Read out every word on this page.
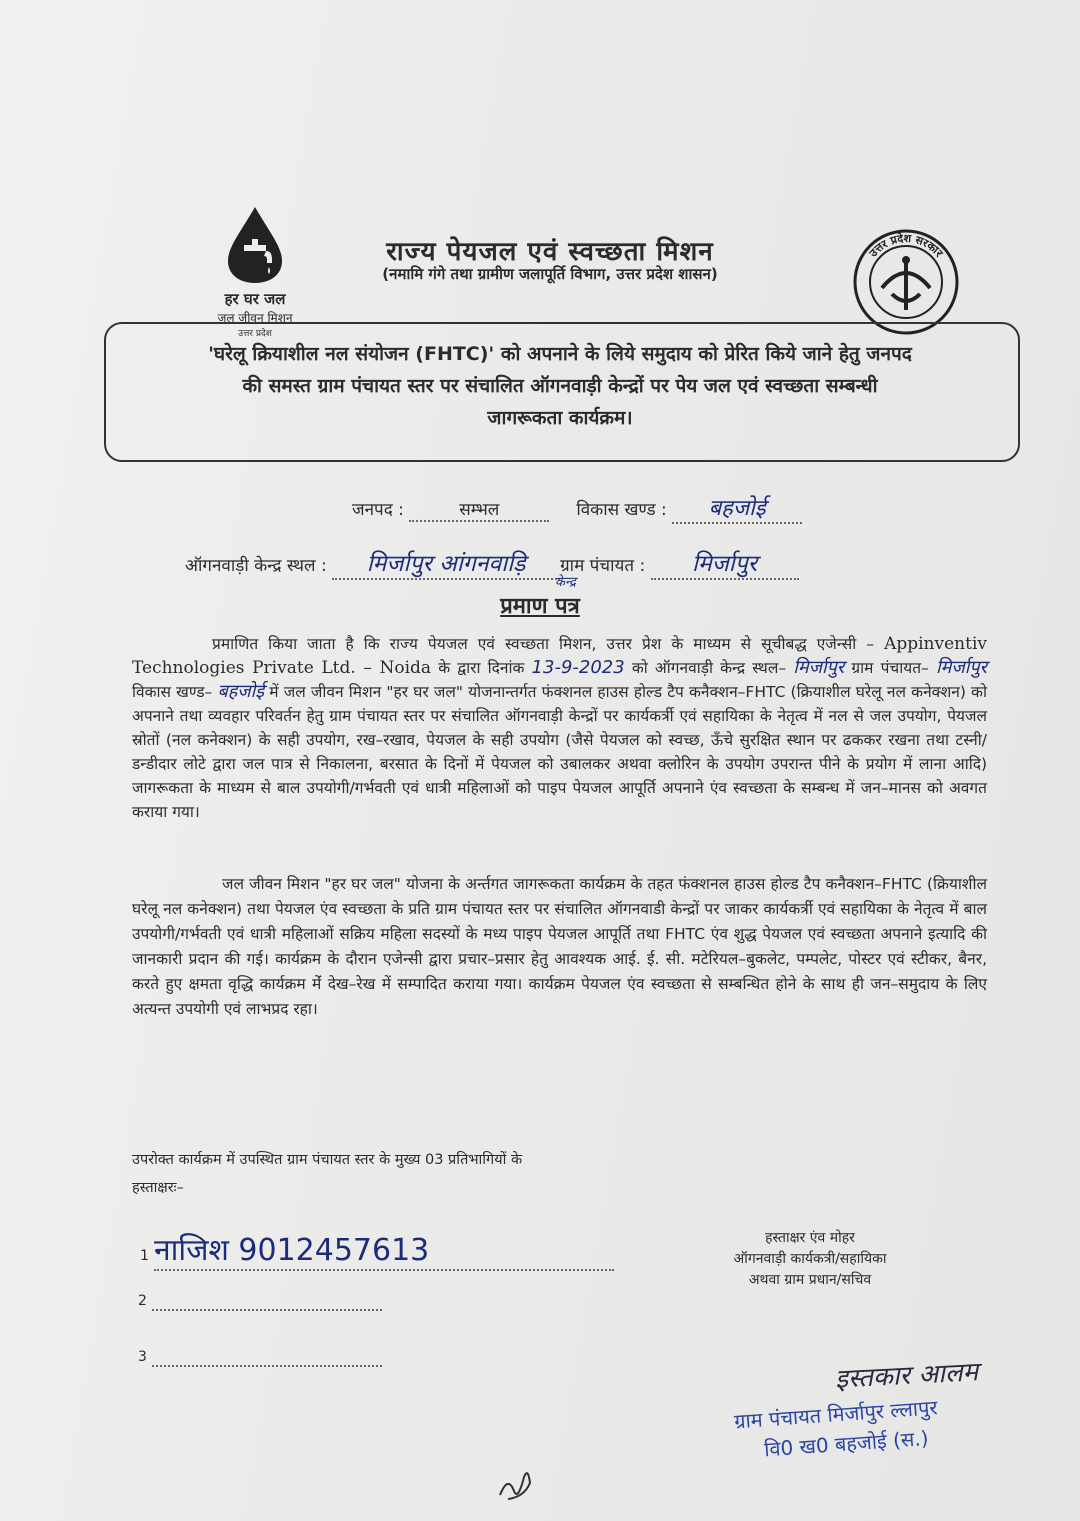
हर घर जल
जल जीवन मिशन
उत्तर प्रदेश
राज्य पेयजल एवं स्वच्छता मिशन
(नमामि गंगे तथा ग्रामीण जलापूर्ति विभाग, उत्तर प्रदेश शासन)
उत्तर प्रदेश सरकार
'घरेलू क्रियाशील नल संयोजन (FHTC)' को अपनाने के लिये समुदाय को प्रेरित किये जाने हेतु जनपद
की समस्त ग्राम पंचायत स्तर पर संचालित ऑगनवाड़ी केन्द्रों पर पेय जल एवं स्वच्छता सम्बन्धी
जागरूकता कार्यक्रम।
जनपद :	सम्भल	विकास खण्ड : बहजोई
ऑगनवाड़ी केन्द्र स्थल : मिर्जापुर आंगनवाड़ि ग्राम पंचायत : मिर्जापुर
केन्द्र
प्रमाण पत्र
प्रमाणित किया जाता है कि राज्य पेयजल एवं स्वच्छता मिशन, उत्तर प्रेश के माध्यम से सूचीबद्ध एजेन्सी – Appinventiv Technologies Private Ltd. – Noida के द्वारा दिनांक 13-9-2023 को ऑगनवाड़ी केन्द्र स्थल– मिर्जापुर ग्राम पंचायत– मिर्जापुर विकास खण्ड– बहजोई में जल जीवन मिशन "हर घर जल" योजनान्तर्गत फंक्शनल हाउस होल्ड टैप कनैक्शन–FHTC (क्रियाशील घरेलू नल कनेक्शन) को अपनाने तथा व्यवहार परिवर्तन हेतु ग्राम पंचायत स्तर पर संचालित ऑगनवाड़ी केन्द्रों पर कार्यकर्त्री एवं सहायिका के नेतृत्व में नल से जल उपयोग, पेयजल स्रोतों (नल कनेक्शन) के सही उपयोग, रख–रखाव, पेयजल के सही उपयोग (जैसे पेयजल को स्वच्छ, ऊँचे सुरक्षित स्थान पर ढककर रखना तथा टस्नी/डन्डीदार लोटे द्वारा जल पात्र से निकालना, बरसात के दिनों में पेयजल को उबालकर अथवा क्लोरिन के उपयोग उपरान्त पीने के प्रयोग में लाना आदि) जागरूकता के माध्यम से बाल उपयोगी/गर्भवती एवं धात्री महिलाओं को पाइप पेयजल आपूर्ति अपनाने एंव स्वच्छता के सम्बन्ध में जन–मानस को अवगत कराया गया।
जल जीवन मिशन "हर घर जल" योजना के अर्न्तगत जागरूकता कार्यक्रम के तहत फंक्शनल हाउस होल्ड टैप कनैक्शन–FHTC (क्रियाशील घरेलू नल कनेक्शन) तथा पेयजल एंव स्वच्छता के प्रति ग्राम पंचायत स्तर पर संचालित ऑगनवाडी केन्द्रों पर जाकर कार्यकर्त्री एवं सहायिका के नेतृत्व में बाल उपयोगी/गर्भवती एवं धात्री महिलाओं सक्रिय महिला सदस्यों के मध्य पाइप पेयजल आपूर्ति तथा FHTC एंव शुद्ध पेयजल एवं स्वच्छता अपनाने इत्यादि की जानकारी प्रदान की गई। कार्यक्रम के दौरान एजेन्सी द्वारा प्रचार–प्रसार हेतु आवश्यक आई. ई. सी. मटेरियल–बुकलेट, पम्पलेट, पोस्टर एवं स्टीकर, बैनर, करते हुए क्षमता वृद्धि कार्यक्रम मेंं देख–रेख में सम्पादित कराया गया। कार्यक्रम पेयजल एंव स्वच्छता से सम्बन्धित होने के साथ ही जन–समुदाय के लिए अत्यन्त उपयोगी एवं लाभप्रद रहा।
उपरोक्त कार्यक्रम में उपस्थित ग्राम पंचायत स्तर के मुख्य 03 प्रतिभागियों के
हस्ताक्षरः–
1 नाजिश 9012457613
2
3
हस्ताक्षर एंव मोहर
ऑगनवाड़ी कार्यकत्री/सहायिका
अथवा ग्राम प्रधान/सचिव
इस्तकार आलम
ग्राम पंचायत मिर्जापुर ल्लापुर
वि0 ख0 बहजोई (स.)
